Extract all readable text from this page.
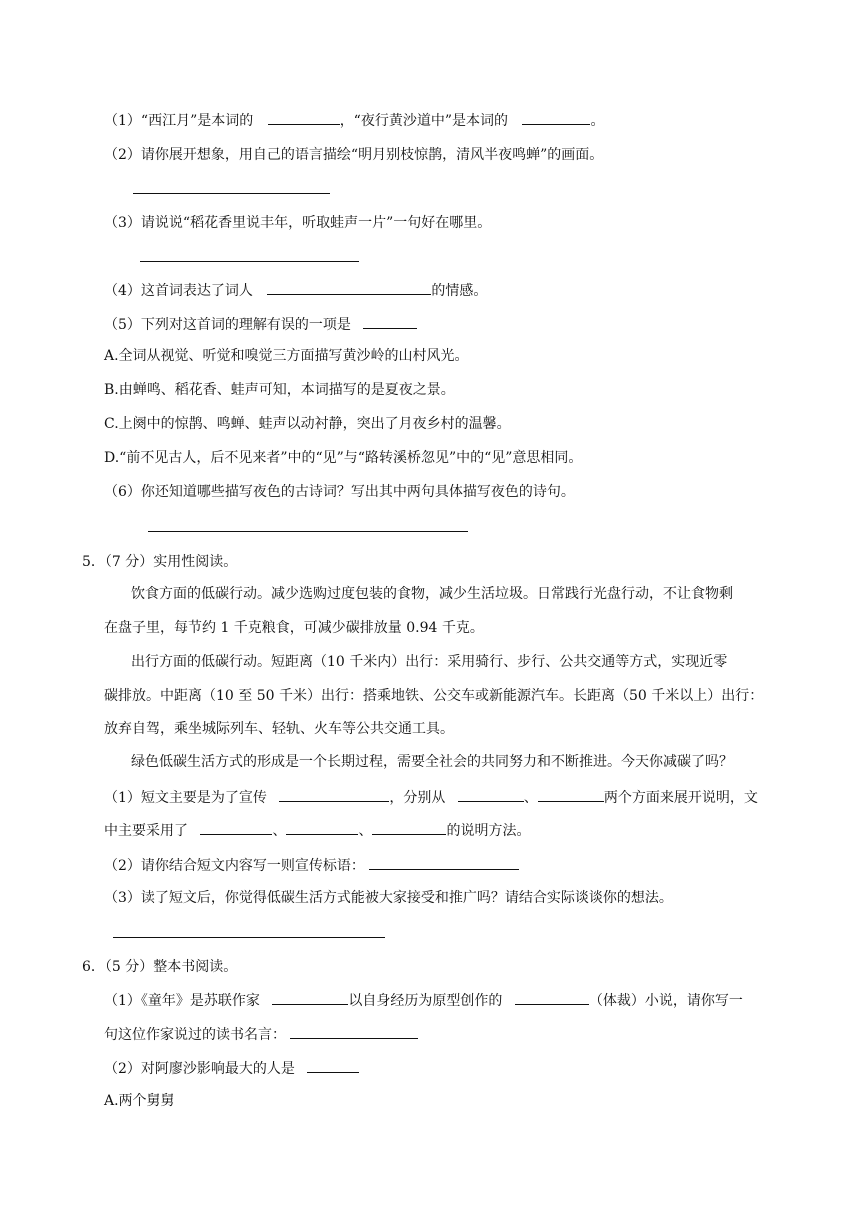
（1）“西江月”是本词的	，“夜行黄沙道中”是本词的	。
（2）请你展开想象，用自己的语言描绘“明月别枝惊鹊，清风半夜鸣蝉”的画面。
（3）请说说“稻花香里说丰年，听取蛙声一片”一句好在哪里。
（4）这首词表达了词人	的情感。
（5）下列对这首词的理解有误的一项是
A.全词从视觉、听觉和嗅觉三方面描写黄沙岭的山村风光。
B.由蝉鸣、稻花香、蛙声可知，本词描写的是夏夜之景。
C.上阕中的惊鹊、鸣蝉、蛙声以动衬静，突出了月夜乡村的温馨。
D.“前不见古人，后不见来者”中的“见”与“路转溪桥忽见”中的“见”意思相同。
（6）你还知道哪些描写夜色的古诗词？写出其中两句具体描写夜色的诗句。
5．（7 分）实用性阅读。
饮食方面的低碳行动。减少选购过度包装的食物，减少生活垃圾。日常践行光盘行动，不让食物剩
在盘子里，每节约 1 千克粮食，可减少碳排放量 0.94 千克。
出行方面的低碳行动。短距离（10 千米内）出行：采用骑行、步行、公共交通等方式，实现近零
碳排放。中距离（10 至 50 千米）出行：搭乘地铁、公交车或新能源汽车。长距离（50 千米以上）出行：
放弃自驾，乘坐城际列车、轻轨、火车等公共交通工具。
绿色低碳生活方式的形成是一个长期过程，需要全社会的共同努力和不断推进。今天你减碳了吗？
（1）短文主要是为了宣传	，分别从	、	两个方面来展开说明，文
中主要采用了	、	、	的说明方法。
（2）请你结合短文内容写一则宣传标语：
（3）读了短文后，你觉得低碳生活方式能被大家接受和推广吗？请结合实际谈谈你的想法。
6．（5 分）整本书阅读。
（1）《童年》是苏联作家	以自身经历为原型创作的	（体裁）小说，请你写一
句这位作家说过的读书名言：
（2）对阿廖沙影响最大的人是
A.两个舅舅
